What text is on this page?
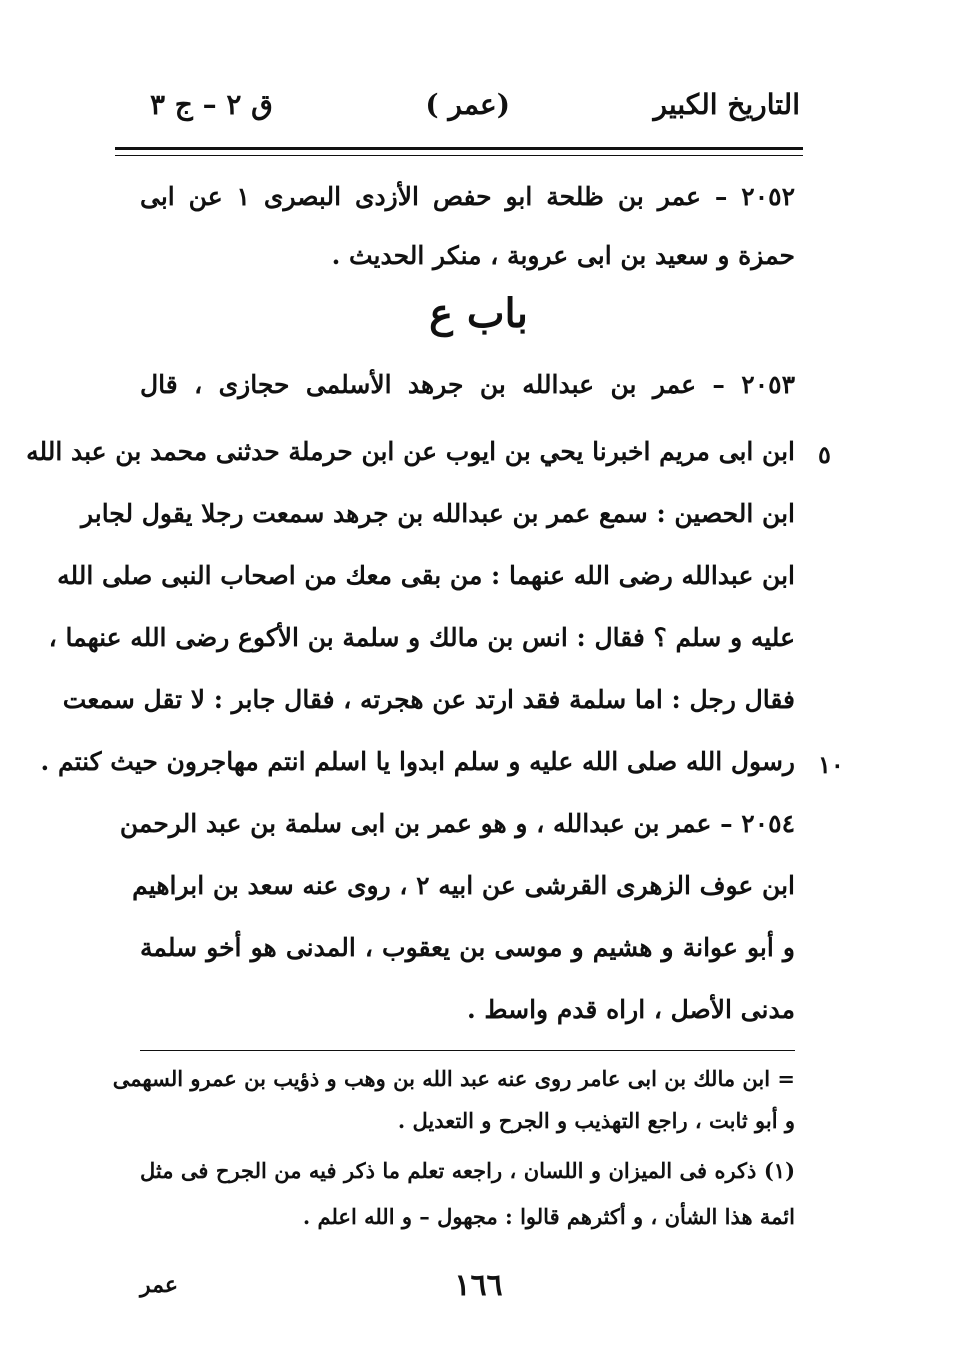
التاريخ الكبير
(عمر )
ق ٢ – ج ٣
٢٠٥٢ – عمر بن ظلحة ابو حفص الأزدى البصرى ١ عن ابى
حمزة و سعيد بن ابى عروبة ، منكر الحديث .
باب ع
٢٠٥٣ – عمر بن عبدالله بن جرهد الأسلمى حجازى ، قال
ابن ابى مريم اخبرنا يحي بن ايوب عن ابن حرملة حدثنى محمد بن عبد الله
ابن الحصين : سمع عمر بن عبدالله بن جرهد سمعت رجلا يقول لجابر
ابن عبدالله رضى الله عنهما : من بقى معك من اصحاب النبى صلى الله
عليه و سلم ؟ فقال : انس بن مالك و سلمة بن الأكوع رضى الله عنهما ،
فقال رجل : اما سلمة فقد ارتد عن هجرته ، فقال جابر : لا تقل سمعت
رسول الله صلى الله عليه و سلم ابدوا يا اسلم انتم مهاجرون حيث كنتم .
٥
١٠
٢٠٥٤ – عمر بن عبدالله ، و هو عمر بن ابى سلمة بن عبد الرحمن
ابن عوف الزهرى القرشى عن ابيه ٢ ، روى عنه سعد بن ابراهيم
و أبو عوانة و هشيم و موسى بن يعقوب ، المدنى هو أخو سلمة
مدنى الأصل ، اراه قدم واسط .
= ابن مالك بن ابى عامر روى عنه عبد الله بن وهب و ذؤيب بن عمرو السهمى
و أبو ثابت ، راجع التهذيب و الجرح و التعديل .
(١) ذكره فى الميزان و اللسان ، راجعه تعلم ما ذكر فيه من الجرح فى مثل
ائمة هذا الشأن ، و أكثرهم قالوا : مجهول – و الله اعلم .
١٦٦
عمر
